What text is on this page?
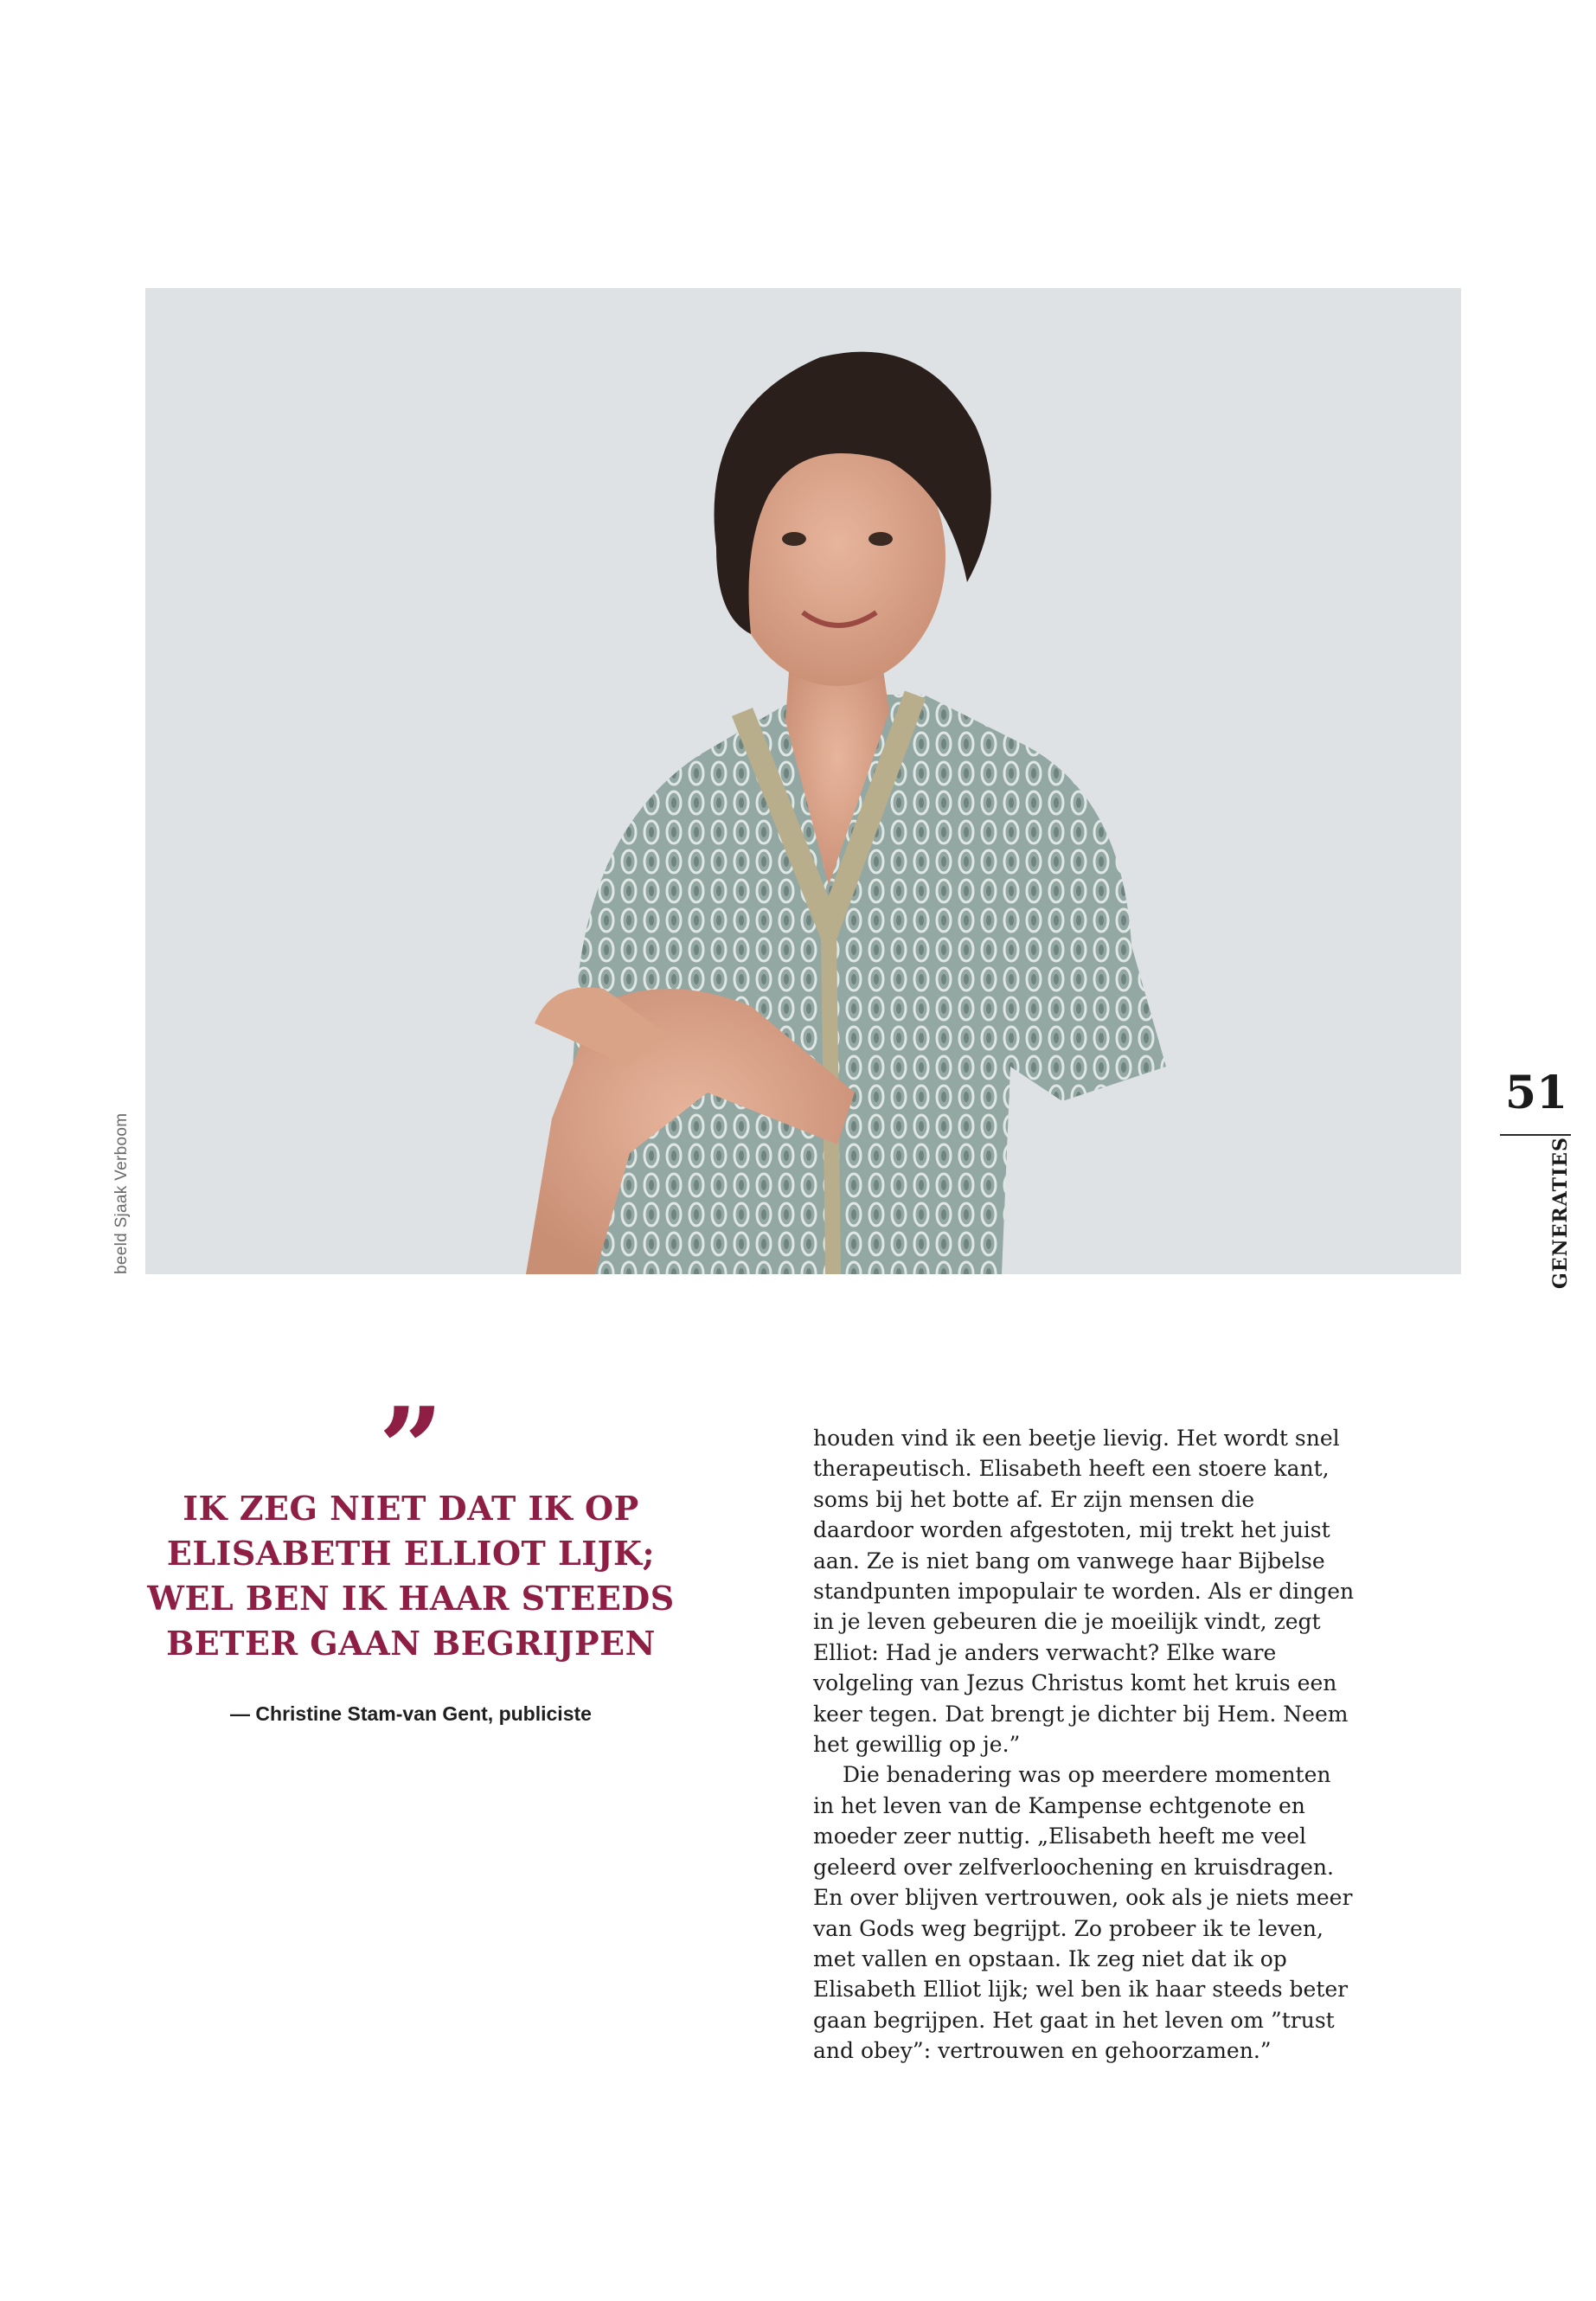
beeld Sjaak Verboom
51
GENERATIES
”
IK ZEG NIET DAT IK OP ELISABETH ELLIOT LIJK; WEL BEN IK HAAR STEEDS BETER GAAN BEGRIJPEN
— Christine Stam-van Gent, publiciste

houden vind ik een beetje lievig. Het wordt snel therapeutisch. Elisabeth heeft een stoere kant, soms bij het botte af. Er zijn mensen die daardoor worden afgestoten, mij trekt het juist aan. Ze is niet bang om vanwege haar Bijbelse standpunten impopulair te worden. Als er dingen in je leven gebeuren die je moeilijk vindt, zegt Elliot: Had je anders verwacht? Elke ware volgeling van Jezus Christus komt het kruis een keer tegen. Dat brengt je dichter bij Hem. Neem het gewillig op je.”

Die benadering was op meerdere momenten in het leven van de Kampense echtgenote en moeder zeer nuttig. „Elisabeth heeft me veel geleerd over zelfverloochening en kruisdragen. En over blijven vertrouwen, ook als je niets meer van Gods weg begrijpt. Zo probeer ik te leven, met vallen en opstaan. Ik zeg niet dat ik op Elisabeth Elliot lijk; wel ben ik haar steeds beter gaan begrijpen. Het gaat in het leven om ”trust and obey”: vertrouwen en gehoorzamen.”
